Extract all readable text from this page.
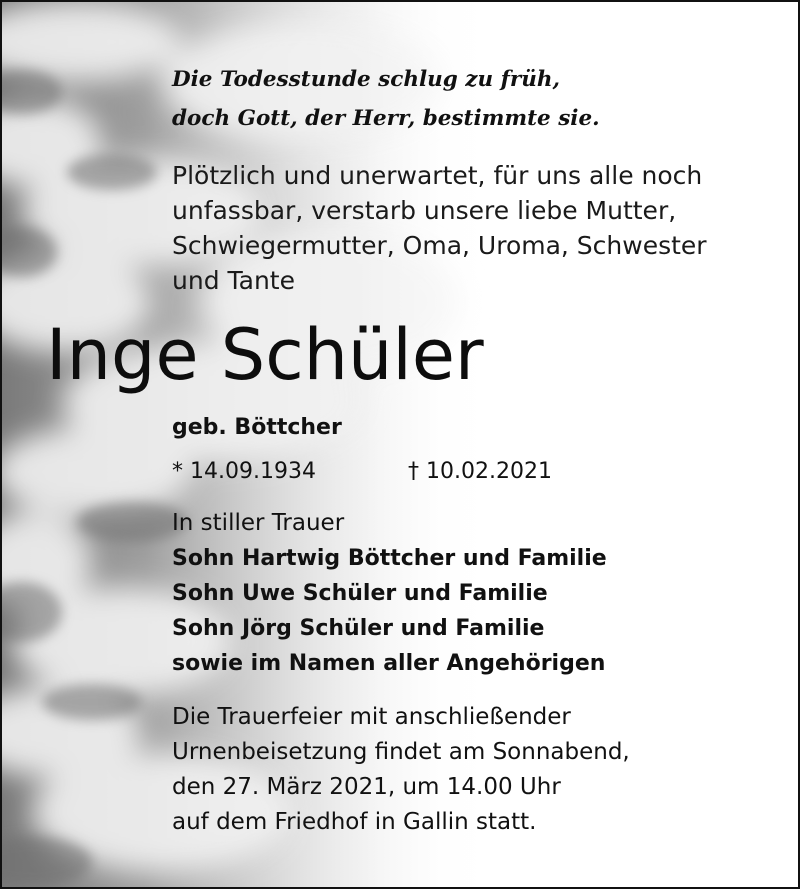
Die Todesstunde schlug zu früh,
doch Gott, der Herr, bestimmte sie.
Plötzlich und unerwartet, für uns alle noch
unfassbar, verstarb unsere liebe Mutter,
Schwiegermutter, Oma, Uroma, Schwester
und Tante
Inge Schüler
geb. Böttcher
* 14.09.1934	† 10.02.2021
In stiller Trauer
Sohn Hartwig Böttcher und Familie
Sohn Uwe Schüler und Familie
Sohn Jörg Schüler und Familie
sowie im Namen aller Angehörigen
Die Trauerfeier mit anschließender
Urnenbeisetzung findet am Sonnabend,
den 27. März 2021, um 14.00 Uhr
auf dem Friedhof in Gallin statt.
